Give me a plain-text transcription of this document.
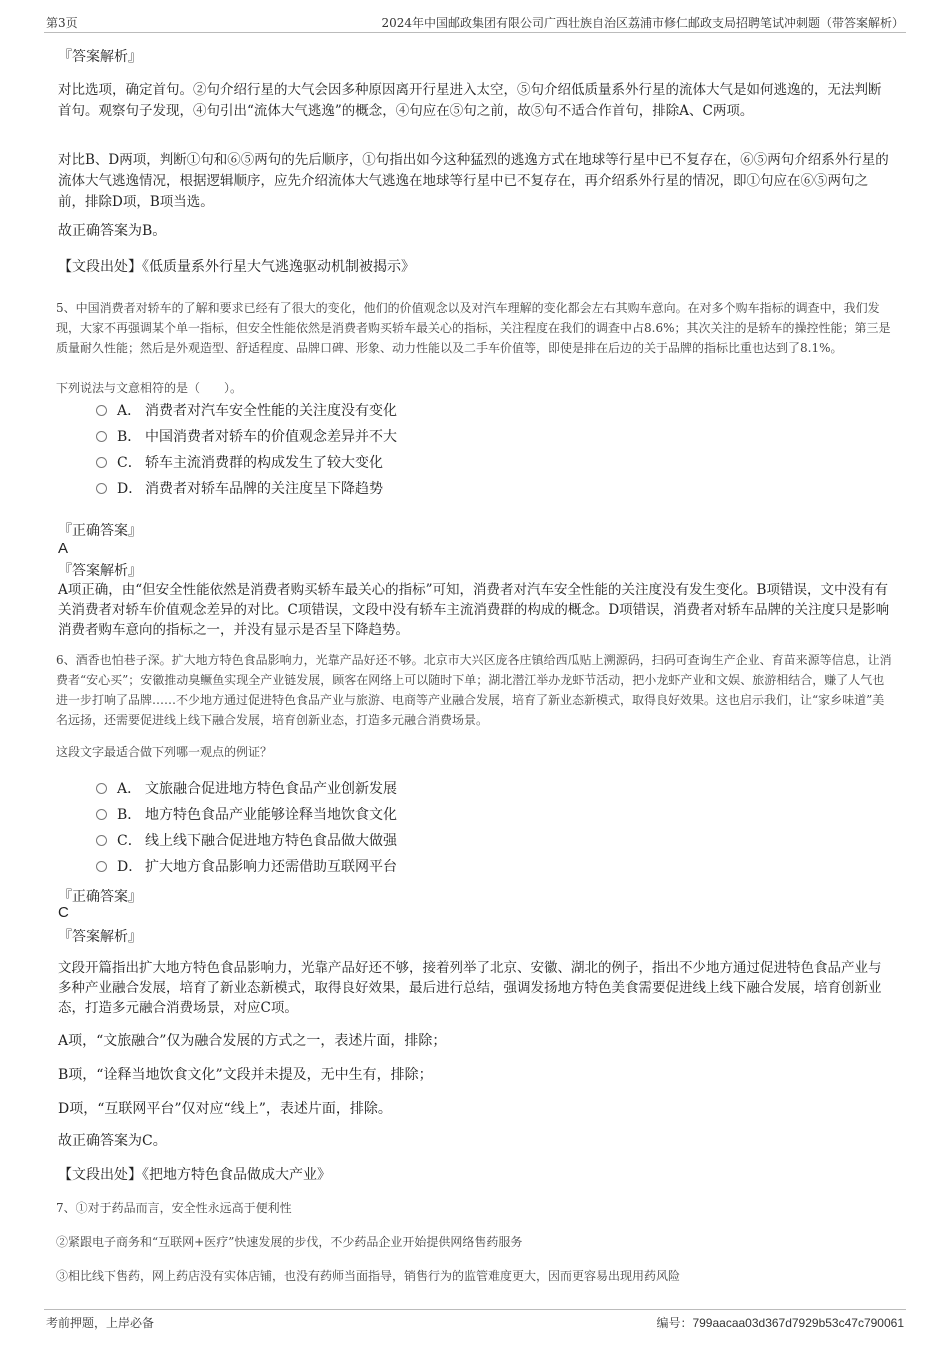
第3页	2024年中国邮政集团有限公司广西壮族自治区荔浦市修仁邮政支局招聘笔试冲刺题（带答案解析）
『答案解析』
对比选项，确定首句。②句介绍行星的大气会因多种原因离开行星进入太空，⑤句介绍低质量系外行星的流体大气是如何逃逸的，无法判断首句。观察句子发现，④句引出“流体大气逃逸”的概念，④句应在⑤句之前，故⑤句不适合作首句，排除A、C两项。
对比B、D两项，判断①句和⑥⑤两句的先后顺序，①句指出如今这种猛烈的逃逸方式在地球等行星中已不复存在，⑥⑤两句介绍系外行星的流体大气逃逸情况，根据逻辑顺序，应先介绍流体大气逃逸在地球等行星中已不复存在，再介绍系外行星的情况，即①句应在⑥⑤两句之前，排除D项，B项当选。
故正确答案为B。
【文段出处】《低质量系外行星大气逃逸驱动机制被揭示》
5、中国消费者对轿车的了解和要求已经有了很大的变化，他们的价值观念以及对汽车理解的变化都会左右其购车意向。在对多个购车指标的调查中，我们发现，大家不再强调某个单一指标，但安全性能依然是消费者购买轿车最关心的指标，关注程度在我们的调查中占8.6%；其次关注的是轿车的操控性能；第三是质量耐久性能；然后是外观造型、舒适程度、品牌口碑、形象、动力性能以及二手车价值等，即使是排在后边的关于品牌的指标比重也达到了8.1%。
下列说法与文意相符的是（　　）。
A． 消费者对汽车安全性能的关注度没有变化
B． 中国消费者对轿车的价值观念差异并不大
C． 轿车主流消费群的构成发生了较大变化
D． 消费者对轿车品牌的关注度呈下降趋势
『正确答案』
A
『答案解析』
A项正确，由“但安全性能依然是消费者购买轿车最关心的指标”可知，消费者对汽车安全性能的关注度没有发生变化。B项错误，文中没有有关消费者对轿车价值观念差异的对比。C项错误，文段中没有轿车主流消费群的构成的概念。D项错误，消费者对轿车品牌的关注度只是影响消费者购车意向的指标之一，并没有显示是否呈下降趋势。
6、酒香也怕巷子深。扩大地方特色食品影响力，光靠产品好还不够。北京市大兴区庞各庄镇给西瓜贴上溯源码，扫码可查询生产企业、育苗来源等信息，让消费者“安心买”；安徽推动臭鳜鱼实现全产业链发展，顾客在网络上可以随时下单；湖北潜江举办龙虾节活动，把小龙虾产业和文娱、旅游相结合，赚了人气也进一步打响了品牌……不少地方通过促进特色食品产业与旅游、电商等产业融合发展，培育了新业态新模式，取得良好效果。这也启示我们，让“家乡味道”美名远扬，还需要促进线上线下融合发展，培育创新业态，打造多元融合消费场景。
这段文字最适合做下列哪一观点的例证？
A． 文旅融合促进地方特色食品产业创新发展
B． 地方特色食品产业能够诠释当地饮食文化
C． 线上线下融合促进地方特色食品做大做强
D． 扩大地方食品影响力还需借助互联网平台
『正确答案』
C
『答案解析』
文段开篇指出扩大地方特色食品影响力，光靠产品好还不够，接着列举了北京、安徽、湖北的例子，指出不少地方通过促进特色食品产业与多种产业融合发展，培育了新业态新模式，取得良好效果，最后进行总结，强调发扬地方特色美食需要促进线上线下融合发展，培育创新业态，打造多元融合消费场景，对应C项。
A项，“文旅融合”仅为融合发展的方式之一，表述片面，排除；
B项，“诠释当地饮食文化”文段并未提及，无中生有，排除；
D项，“互联网平台”仅对应“线上”，表述片面，排除。
故正确答案为C。
【文段出处】《把地方特色食品做成大产业》
7、①对于药品而言，安全性永远高于便利性
②紧跟电子商务和“互联网+医疗”快速发展的步伐，不少药品企业开始提供网络售药服务
③相比线下售药，网上药店没有实体店铺，也没有药师当面指导，销售行为的监管难度更大，因而更容易出现用药风险
考前押题，上岸必备	编号：799aacaa03d367d7929b53c47c790061
